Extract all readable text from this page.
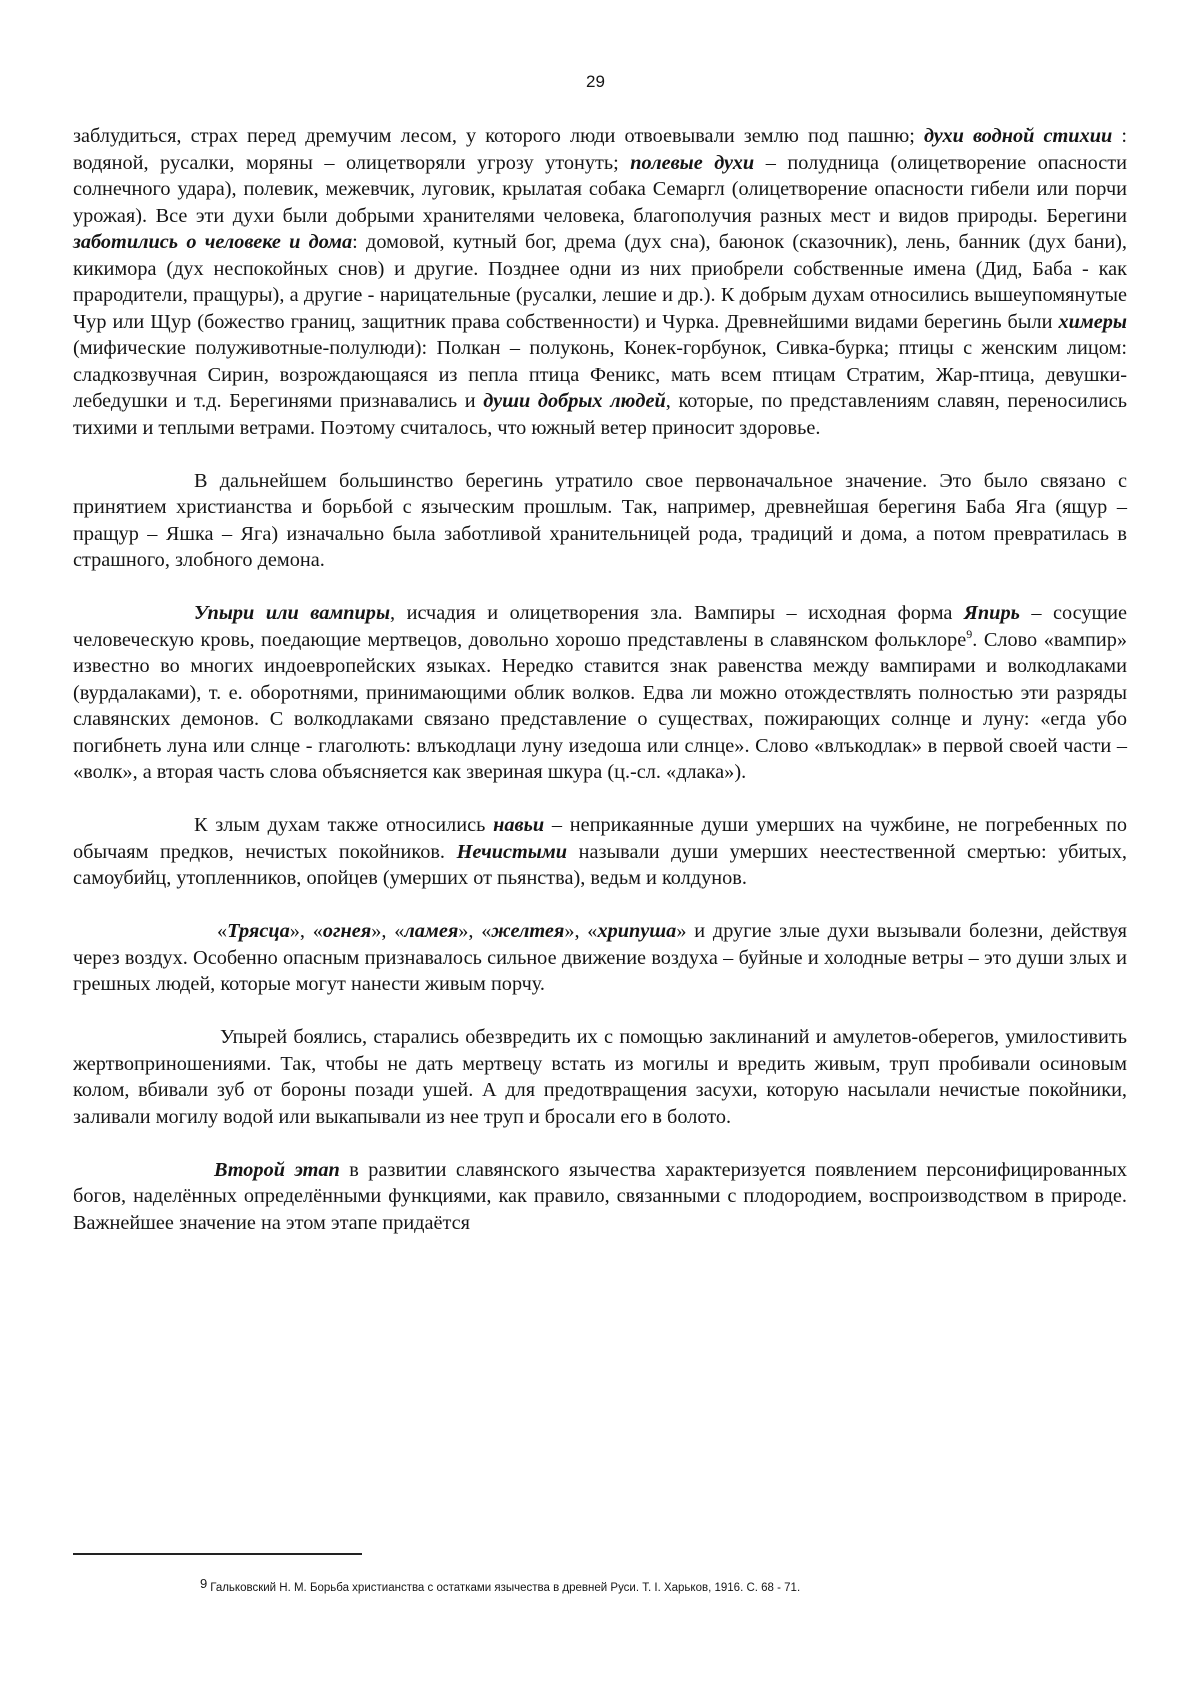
29

заблудиться, страх перед дремучим лесом, у которого люди отвоевывали землю под пашню; духи водной стихии : водяной, русалки, моряны – олицетворяли угрозу утонуть; полевые духи – полудница (олицетворение опасности солнечного удара), полевик, межевчик, луговик, крылатая собака Семаргл (олицетворение опасности гибели или порчи урожая). Все эти духи были добрыми хранителями человека, благополучия разных мест и видов природы. Берегини заботились о человеке и дома: домовой, кутный бог, дрема (дух сна), баюнок (сказочник), лень, банник (дух бани), кикимора (дух неспокойных снов) и другие. Позднее одни из них приобрели собственные имена (Дид, Баба - как прародители, пращуры), а другие - нарицательные (русалки, лешие и др.). К добрым духам относились вышеупомянутые Чур или Щур (божество границ, защитник права собственности) и Чурка. Древнейшими видами берегинь были химеры (мифические полуживотные-полулюди): Полкан – полуконь, Конек-горбунок, Сивка-бурка; птицы с женским лицом: сладкозвучная Сирин, возрождающаяся из пепла птица Феникс, мать всем птицам Стратим, Жар-птица, девушки-лебедушки и т.д. Берегинями признавались и души добрых людей, которые, по представлениям славян, переносились тихими и теплыми ветрами. Поэтому считалось, что южный ветер приносит здоровье.

В дальнейшем большинство берегинь утратило свое первоначальное значение. Это было связано с принятием христианства и борьбой с языческим прошлым. Так, например, древнейшая берегиня Баба Яга (ящур – пращур – Яшка – Яга) изначально была заботливой хранительницей рода, традиций и дома, а потом превратилась в страшного, злобного демона.

Упыри или вампиры, исчадия и олицетворения зла. Вампиры – исходная форма Япирь – сосущие человеческую кровь, поедающие мертвецов, довольно хорошо представлены в славянском фольклоре$^9$. Слово «вампир» известно во многих индоевропейских языках. Нередко ставится знак равенства между вампирами и волкодлаками (вурдалаками), т. е. оборотнями, принимающими облик волков. Едва ли можно отождествлять полностью эти разряды славянских демонов. С волкодлаками связано представление о существах, пожирающих солнце и луну: «егда убо погибнеть луна или слнце - глаголють: влъкодлаци луну изедоша или слнце». Слово «влъкодлак» в первой своей части – «волк», а вторая часть слова объясняется как звериная шкура (ц.-сл. «длака»).

К злым духам также относились навьи – неприкаянные души умерших на чужбине, не погребенных по обычаям предков, нечистых покойников. Нечистыми называли души умерших неестественной смертью: убитых, самоубийц, утопленников, опойцев (умерших от пьянства), ведьм и колдунов.

«Трясца», «огнея», «ламея», «желтея», «хрипуша» и другие злые духи вызывали болезни, действуя через воздух. Особенно опасным признавалось сильное движение воздуха – буйные и холодные ветры – это души злых и грешных людей, которые могут нанести живым порчу.

Упырей боялись, старались обезвредить их с помощью заклинаний и амулетов-оберегов, умилостивить жертвоприношениями. Так, чтобы не дать мертвецу встать из могилы и вредить живым, труп пробивали осиновым колом, вбивали зуб от бороны позади ушей. А для предотвращения засухи, которую насылали нечистые покойники, заливали могилу водой или выкапывали из нее труп и бросали его в болото.

Второй этап в развитии славянского язычества характеризуется появлением персонифицированных богов, наделённых определёнными функциями, как правило, связанными с плодородием, воспроизводством в природе. Важнейшее значение на этом этапе придаётся

9 Гальковский Н. М. Борьба христианства с остатками язычества в древней Руси. Т. I. Харьков, 1916. С. 68 - 71.
